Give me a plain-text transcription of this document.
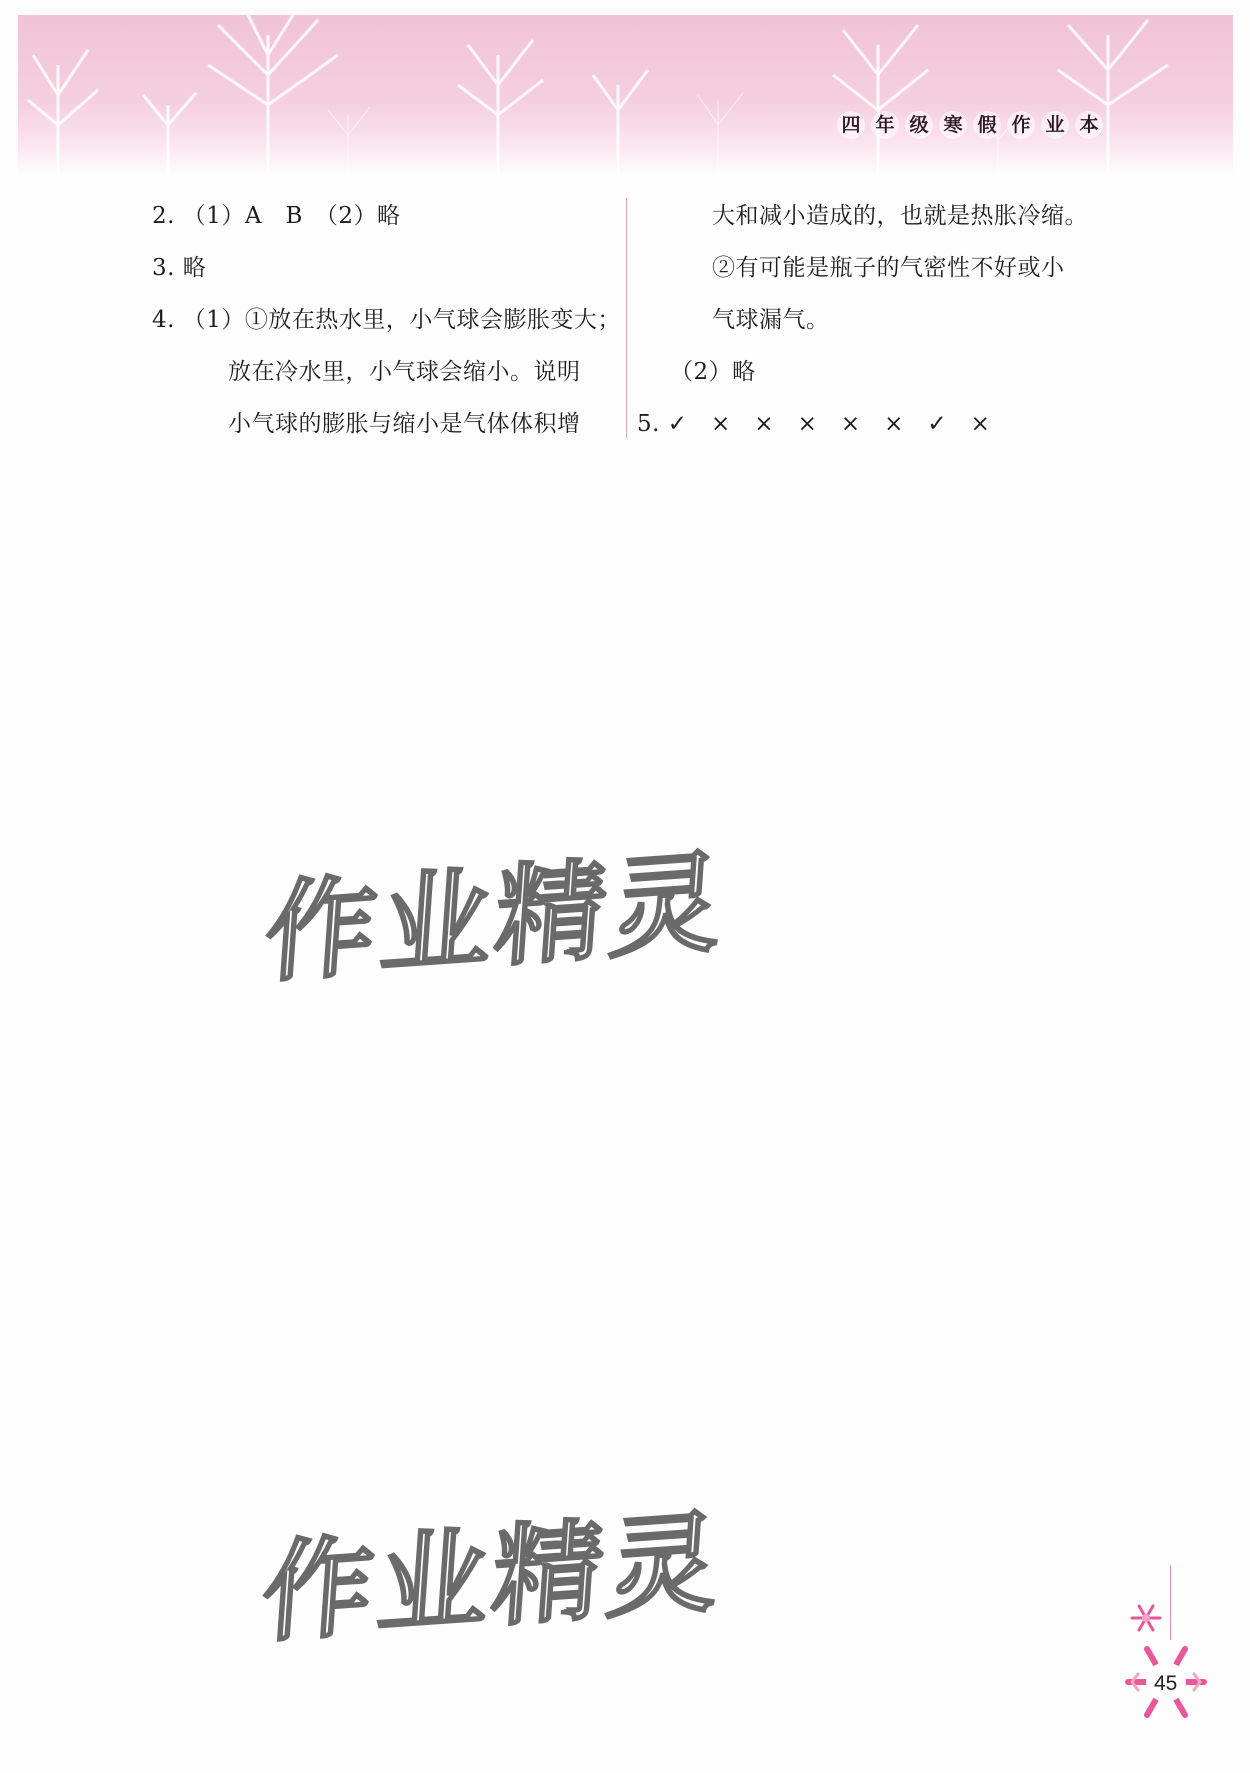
四 年 级 寒 假 作 业 本
2. （1）A　B　（2）略
3. 略
4. （1）①放在热水里，小气球会膨胀变大；
放在冷水里，小气球会缩小。说明
小气球的膨胀与缩小是气体体积增
大和减小造成的，也就是热胀冷缩。
②有可能是瓶子的气密性不好或小
气球漏气。
（2）略
5. ✓　×　×　×　×　×　✓　×
作业精灵
作业精灵
45
